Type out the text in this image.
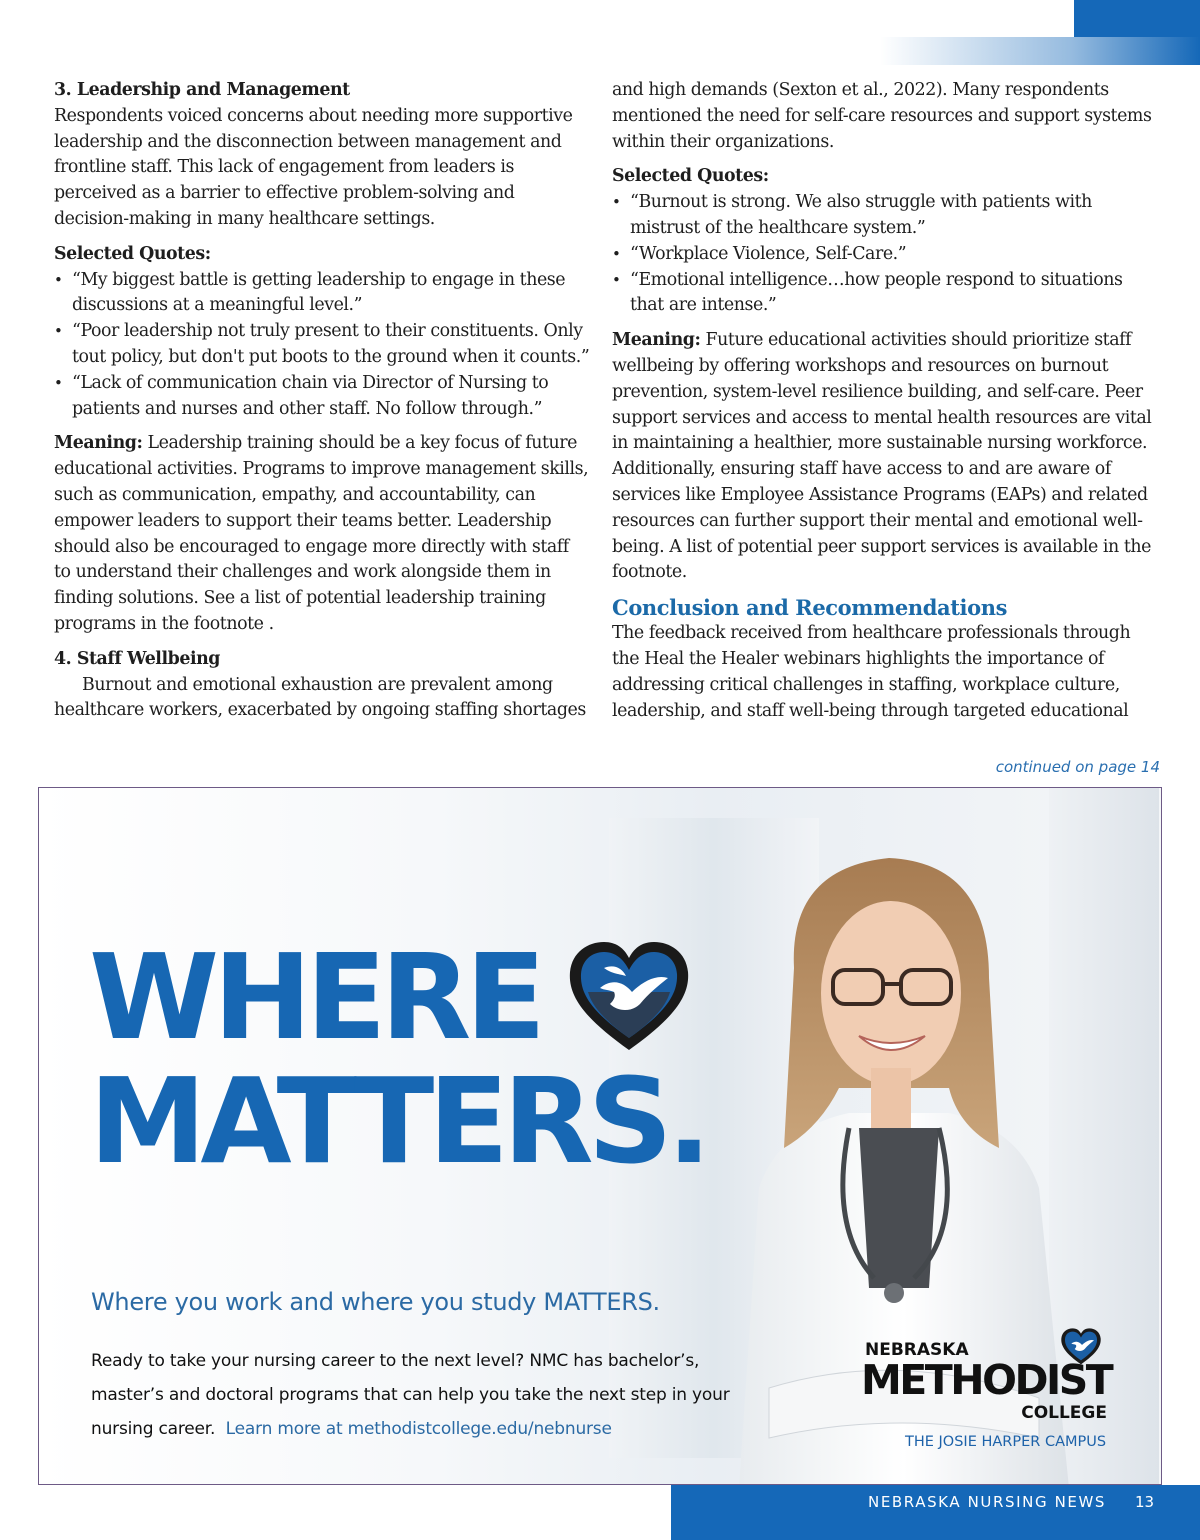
3. Leadership and Management

Respondents voiced concerns about needing more supportive leadership and the disconnection between management and frontline staff. This lack of engagement from leaders is perceived as a barrier to effective problem-solving and decision-making in many healthcare settings.

Selected Quotes:
• “My biggest battle is getting leadership to engage in these discussions at a meaningful level.”
• “Poor leadership not truly present to their constituents. Only tout policy, but don't put boots to the ground when it counts.”
• “Lack of communication chain via Director of Nursing to patients and nurses and other staff. No follow through.”

Meaning: Leadership training should be a key focus of future educational activities. Programs to improve management skills, such as communication, empathy, and accountability, can empower leaders to support their teams better. Leadership should also be encouraged to engage more directly with staff to understand their challenges and work alongside them in finding solutions. See a list of potential leadership training programs in the footnote .

4. Staff Wellbeing

Burnout and emotional exhaustion are prevalent among healthcare workers, exacerbated by ongoing staffing shortages

and high demands (Sexton et al., 2022). Many respondents mentioned the need for self-care resources and support systems within their organizations.

Selected Quotes:
• “Burnout is strong. We also struggle with patients with mistrust of the healthcare system.”
• “Workplace Violence, Self-Care.”
• “Emotional intelligence…how people respond to situations that are intense.”

Meaning: Future educational activities should prioritize staff wellbeing by offering workshops and resources on burnout prevention, system-level resilience building, and self-care. Peer support services and access to mental health resources are vital in maintaining a healthier, more sustainable nursing workforce. Additionally, ensuring staff have access to and are aware of services like Employee Assistance Programs (EAPs) and related resources can further support their mental and emotional well-being. A list of potential peer support services is available in the footnote.

Conclusion and Recommendations

The feedback received from healthcare professionals through the Heal the Healer webinars highlights the importance of addressing critical challenges in staffing, workplace culture, leadership, and staff well-being through targeted educational

continued on page 14
WHERE
MATTERS.
Where you work and where you study MATTERS.
Ready to take your nursing career to the next level? NMC has bachelor’s, master’s and doctoral programs that can help you take the next step in your nursing career. Learn more at methodistcollege.edu/nebnurse
NEBRASKA
METHODIST
COLLEGE
THE JOSIE HARPER CAMPUS
NEBRASKA NURSING NEWS 13
